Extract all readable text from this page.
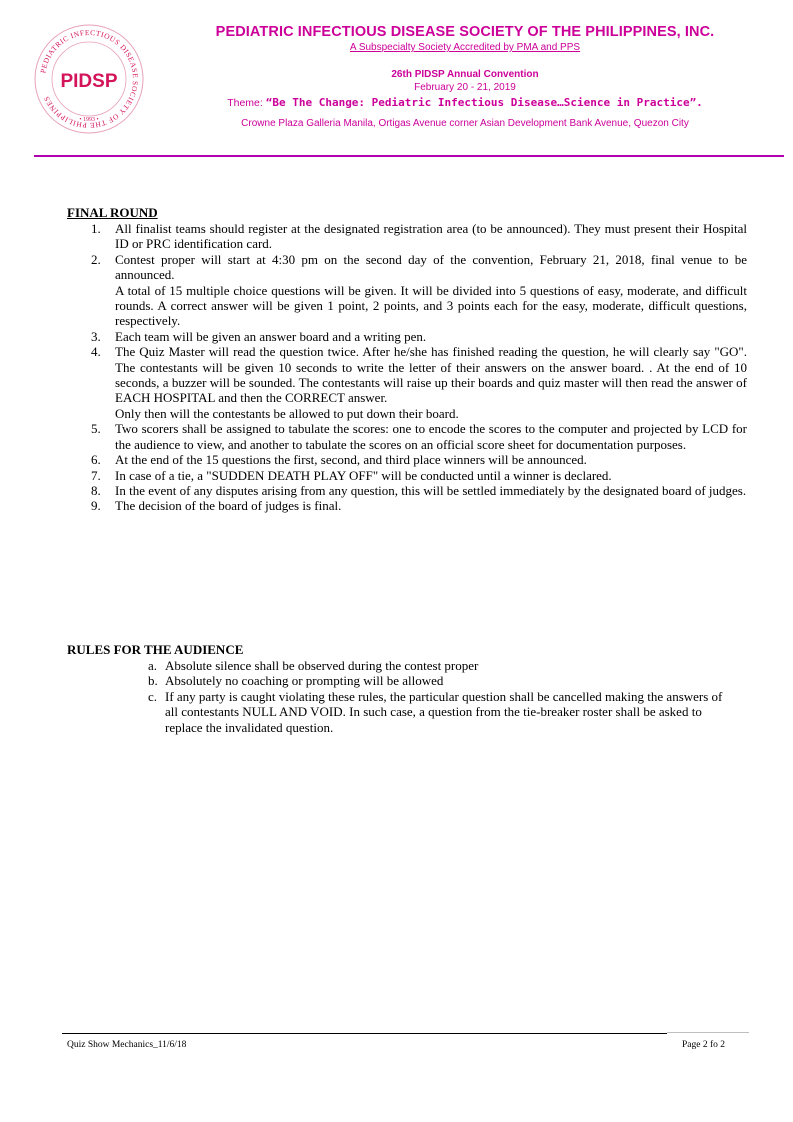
PEDIATRIC INFECTIOUS DISEASE SOCIETY OF THE PHILIPPINES
• 1993 •
PIDSP
PEDIATRIC INFECTIOUS DISEASE SOCIETY OF THE PHILIPPINES, INC.
A Subspecialty Society Accredited by PMA and PPS
26th PIDSP Annual Convention
February 20 - 21, 2019
Theme: “Be The Change: Pediatric Infectious Disease…Science in Practice”.
Crowne Plaza Galleria Manila, Ortigas Avenue corner Asian Development Bank Avenue, Quezon City
FINAL ROUND
1. All finalist teams should register at the designated registration area (to be announced). They must present their Hospital ID or PRC identification card.
2. Contest proper will start at 4:30 pm on the second day of the convention, February 21, 2018, final venue to be announced.
A total of 15 multiple choice questions will be given. It will be divided into 5 questions of easy, moderate, and difficult rounds. A correct answer will be given 1 point, 2 points, and 3 points each for the easy, moderate, difficult questions, respectively.
3. Each team will be given an answer board and a writing pen.
4. The Quiz Master will read the question twice. After he/she has finished reading the question, he will clearly say "GO". The contestants will be given 10 seconds to write the letter of their answers on the answer board. . At the end of 10 seconds, a buzzer will be sounded. The contestants will raise up their boards and quiz master will then read the answer of EACH HOSPITAL and then the CORRECT answer.
Only then will the contestants be allowed to put down their board.
5. Two scorers shall be assigned to tabulate the scores: one to encode the scores to the computer and projected by LCD for the audience to view, and another to tabulate the scores on an official score sheet for documentation purposes.
6. At the end of the 15 questions the first, second, and third place winners will be announced.
7. In case of a tie, a "SUDDEN DEATH PLAY OFF" will be conducted until a winner is declared.
8. In the event of any disputes arising from any question, this will be settled immediately by the designated board of judges.
9. The decision of the board of judges is final.
RULES FOR THE AUDIENCE
a. Absolute silence shall be observed during the contest proper
b. Absolutely no coaching or prompting will be allowed
c. If any party is caught violating these rules, the particular question shall be cancelled making the answers of all contestants NULL AND VOID. In such case, a question from the tie-breaker roster shall be asked to replace the invalidated question.
Quiz Show Mechanics_11/6/18	Page 2 fo 2
